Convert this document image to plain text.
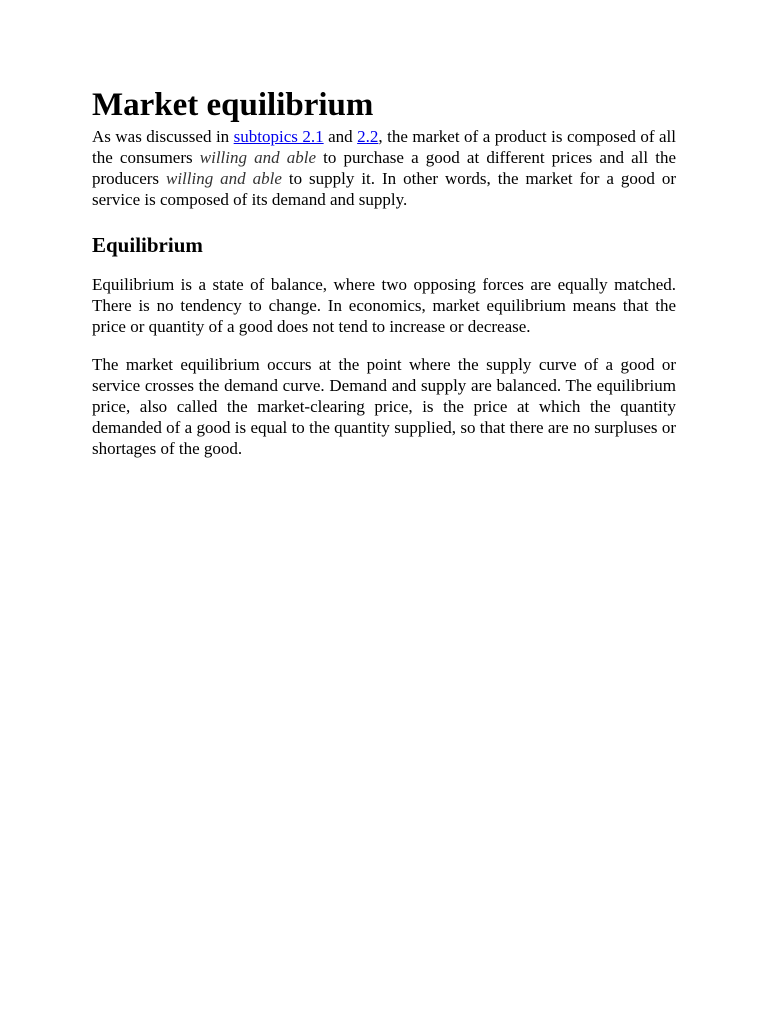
Market equilibrium

As was discussed in subtopics 2.1 and 2.2, the market of a product is composed of all the consumers willing and able to purchase a good at different prices and all the producers willing and able to supply it. In other words, the market for a good or service is composed of its demand and supply.

Equilibrium

Equilibrium is a state of balance, where two opposing forces are equally matched. There is no tendency to change. In economics, market equilibrium means that the price or quantity of a good does not tend to increase or decrease.

The market equilibrium occurs at the point where the supply curve of a good or service crosses the demand curve. Demand and supply are balanced. The equilibrium price, also called the market-clearing price, is the price at which the quantity demanded of a good is equal to the quantity supplied, so that there are no surpluses or shortages of the good.
